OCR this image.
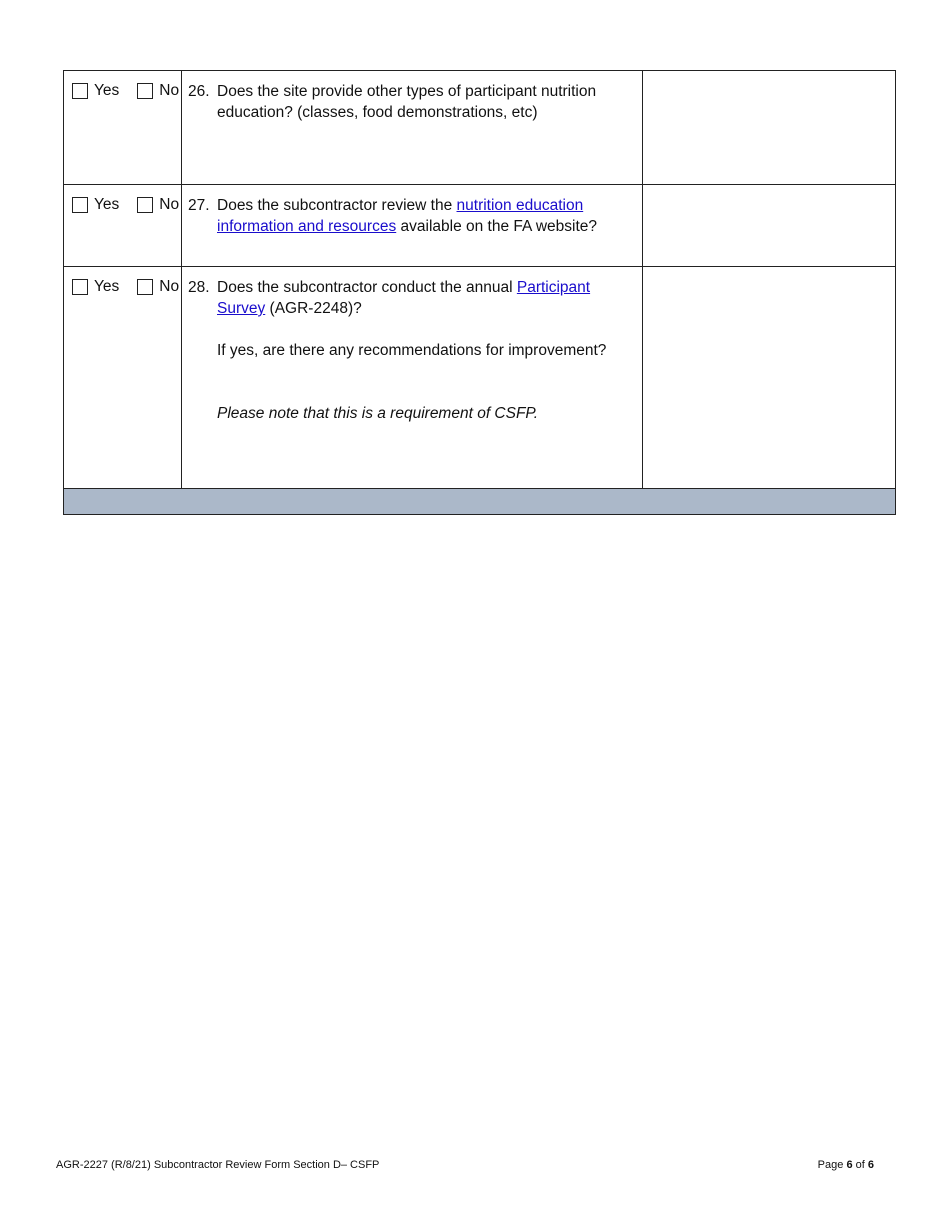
Yes No	26. Does the site provide other types of participant nutrition
education? (classes, food demonstrations, etc)	

Yes No	27. Does the subcontractor review the nutrition education
information and resources available on the FA website?	

Yes No	28. Does the subcontractor conduct the annual Participant
Survey (AGR-2248)?
If yes, are there any recommendations for improvement?
Please note that this is a requirement of CSFP.	

AGR-2227 (R/8/21) Subcontractor Review Form Section D– CSFP	Page 6 of 6
